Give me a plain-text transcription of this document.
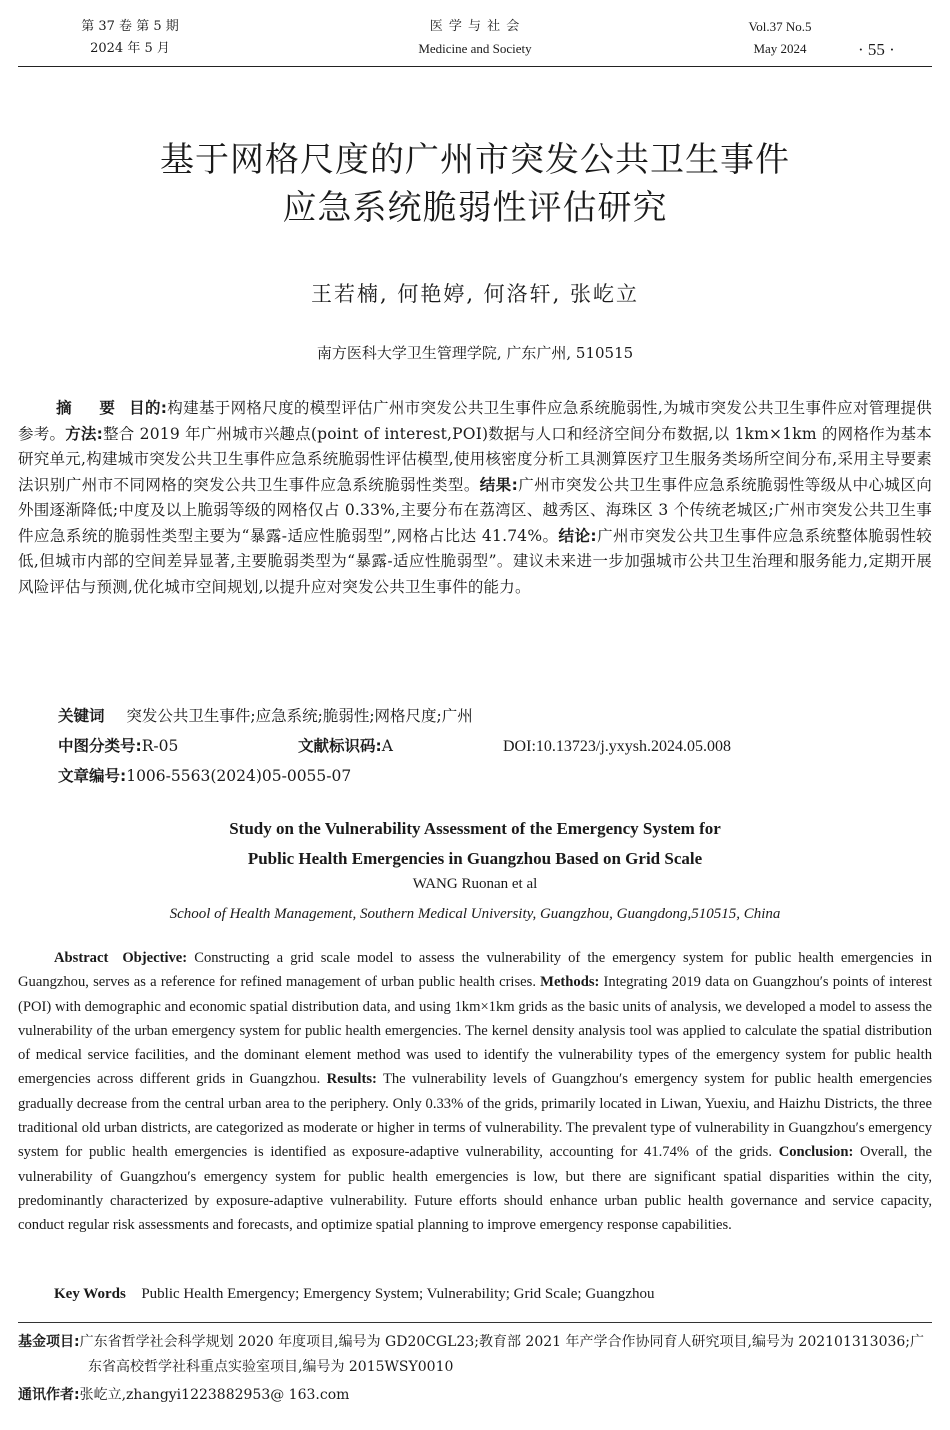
第 37 卷 第 5 期
2024 年 5 月
医 学 与 社 会
Medicine and Society
Vol.37 No.5
May 2024	· 55 ·
基于网格尺度的广州市突发公共卫生事件
应急系统脆弱性评估研究
王若楠, 何艳婷, 何洛轩, 张屹立
南方医科大学卫生管理学院, 广东广州, 510515
摘　要 目的:构建基于网格尺度的模型评估广州市突发公共卫生事件应急系统脆弱性,为城市突发公共卫生事件应对管理提供参考。方法:整合 2019 年广州城市兴趣点(point of interest,POI)数据与人口和经济空间分布数据,以 1km×1km 的网格作为基本研究单元,构建城市突发公共卫生事件应急系统脆弱性评估模型,使用核密度分析工具测算医疗卫生服务类场所空间分布,采用主导要素法识别广州市不同网格的突发公共卫生事件应急系统脆弱性类型。结果:广州市突发公共卫生事件应急系统脆弱性等级从中心城区向外围逐渐降低;中度及以上脆弱等级的网格仅占 0.33%,主要分布在荔湾区、越秀区、海珠区 3 个传统老城区;广州市突发公共卫生事件应急系统的脆弱性类型主要为“暴露-适应性脆弱型”,网格占比达 41.74%。结论:广州市突发公共卫生事件应急系统整体脆弱性较低,但城市内部的空间差异显著,主要脆弱类型为“暴露-适应性脆弱型”。建议未来进一步加强城市公共卫生治理和服务能力,定期开展风险评估与预测,优化城市空间规划,以提升应对突发公共卫生事件的能力。
关键词 突发公共卫生事件;应急系统;脆弱性;网格尺度;广州
中图分类号:R-05	文献标识码:A	DOI:10.13723/j.yxysh.2024.05.008
文章编号:1006-5563(2024)05-0055-07
Study on the Vulnerability Assessment of the Emergency System for
Public Health Emergencies in Guangzhou Based on Grid Scale
WANG Ruonan et al
School of Health Management, Southern Medical University, Guangzhou, Guangdong,510515, China
Abstract Objective: Constructing a grid scale model to assess the vulnerability of the emergency system for public health emergencies in Guangzhou, serves as a reference for refined management of urban public health crises. Methods: Integrating 2019 data on Guangzhou′s points of interest (POI) with demographic and economic spatial distribution data, and using 1km×1km grids as the basic units of analysis, we developed a model to assess the vulnerability of the urban emergency system for public health emergencies. The kernel density analysis tool was applied to calculate the spatial distribution of medical service facilities, and the dominant element method was used to identify the vulnerability types of the emergency system for public health emergencies across different grids in Guangzhou. Results: The vulnerability levels of Guangzhou′s emergency system for public health emergencies gradually decrease from the central urban area to the periphery. Only 0.33% of the grids, primarily located in Liwan, Yuexiu, and Haizhu Districts, the three traditional old urban districts, are categorized as moderate or higher in terms of vulnerability. The prevalent type of vulnerability in Guangzhou′s emergency system for public health emergencies is identified as exposure-adaptive vulnerability, accounting for 41.74% of the grids. Conclusion: Overall, the vulnerability of Guangzhou′s emergency system for public health emergencies is low, but there are significant spatial disparities within the city, predominantly characterized by exposure-adaptive vulnerability. Future efforts should enhance urban public health governance and service capacity, conduct regular risk assessments and forecasts, and optimize spatial planning to improve emergency response capabilities.
Key Words Public Health Emergency; Emergency System; Vulnerability; Grid Scale; Guangzhou
基金项目:广东省哲学社会科学规划 2020 年度项目,编号为 GD20CGL23;教育部 2021 年产学合作协同育人研究项目,编号为 202101313036;广东省高校哲学社科重点实验室项目,编号为 2015WSY0010
通讯作者:张屹立,zhangyi1223882953@ 163.com
